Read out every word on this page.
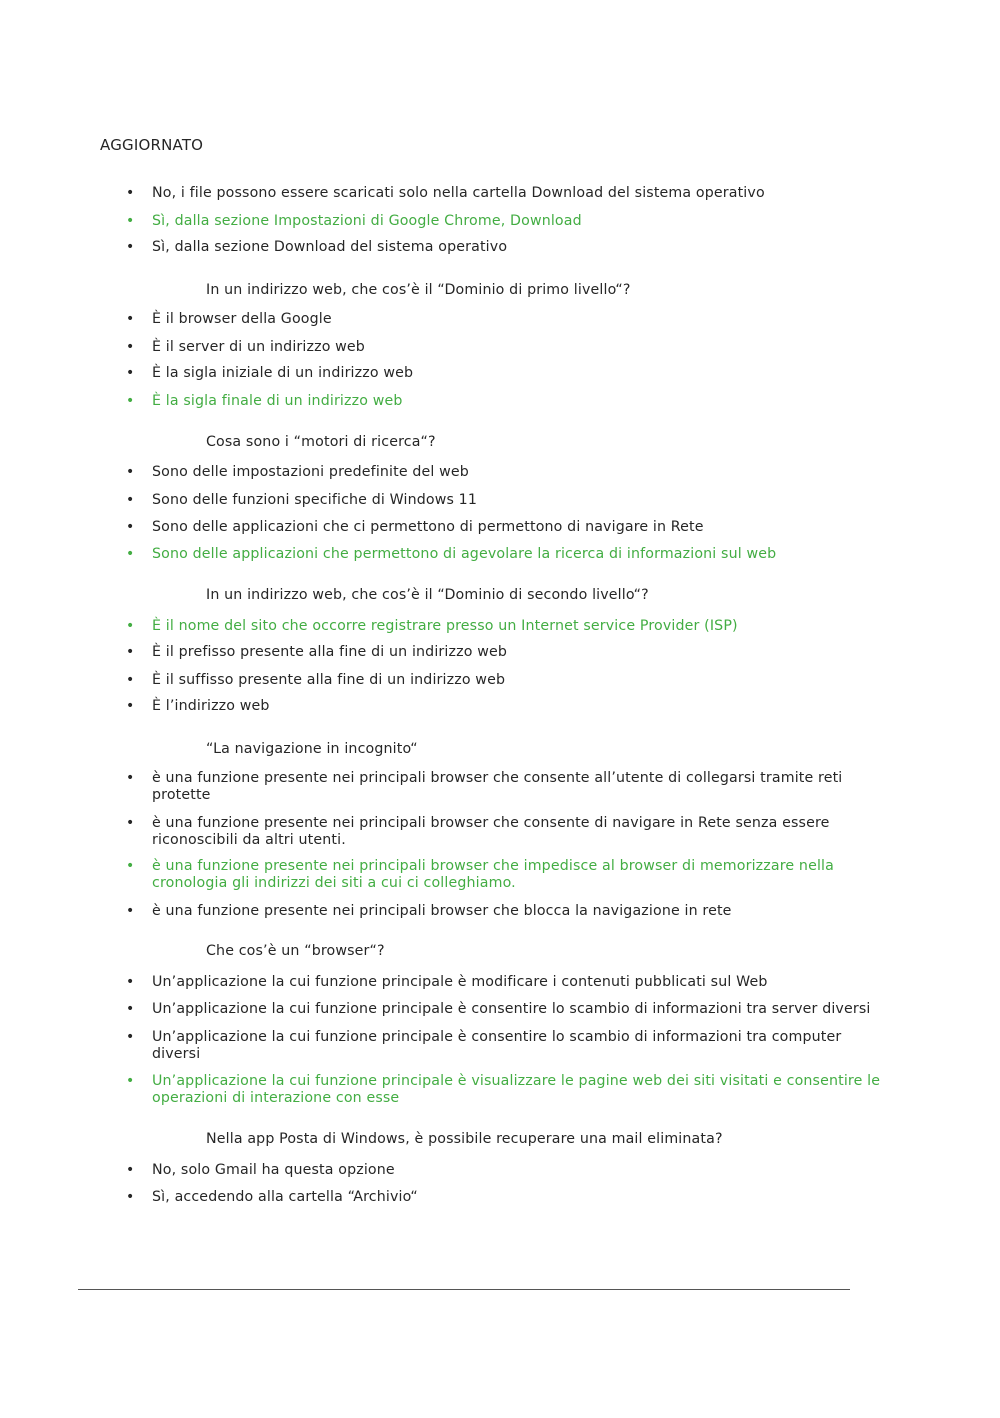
AGGIORNATO
• No, i file possono essere scaricati solo nella cartella Download del sistema operativo
• Sì, dalla sezione Impostazioni di Google Chrome, Download
• Sì, dalla sezione Download del sistema operativo
In un indirizzo web, che cos’è il “Dominio di primo livello“?
• È il browser della Google
• È il server di un indirizzo web
• È la sigla iniziale di un indirizzo web
• È la sigla finale di un indirizzo web
Cosa sono i “motori di ricerca“?
• Sono delle impostazioni predefinite del web
• Sono delle funzioni specifiche di Windows 11
• Sono delle applicazioni che ci permettono di permettono di navigare in Rete
• Sono delle applicazioni che permettono di agevolare la ricerca di informazioni sul web
In un indirizzo web, che cos’è il “Dominio di secondo livello“?
• È il nome del sito che occorre registrare presso un Internet service Provider (ISP)
• È il prefisso presente alla fine di un indirizzo web
• È il suffisso presente alla fine di un indirizzo web
• È l’indirizzo web
“La navigazione in incognito“
• è una funzione presente nei principali browser che consente all’utente di collegarsi tramite reti protette
• è una funzione presente nei principali browser che consente di navigare in Rete senza essere riconoscibili da altri utenti.
• è una funzione presente nei principali browser che impedisce al browser di memorizzare nella cronologia gli indirizzi dei siti a cui ci colleghiamo.
• è una funzione presente nei principali browser che blocca la navigazione in rete
Che cos’è un “browser“?
• Un’applicazione la cui funzione principale è modificare i contenuti pubblicati sul Web
• Un’applicazione la cui funzione principale è consentire lo scambio di informazioni tra server diversi
• Un’applicazione la cui funzione principale è consentire lo scambio di informazioni tra computer diversi
• Un’applicazione la cui funzione principale è visualizzare le pagine web dei siti visitati e consentire le operazioni di interazione con esse
Nella app Posta di Windows, è possibile recuperare una mail eliminata?
• No, solo Gmail ha questa opzione
• Sì, accedendo alla cartella “Archivio“
